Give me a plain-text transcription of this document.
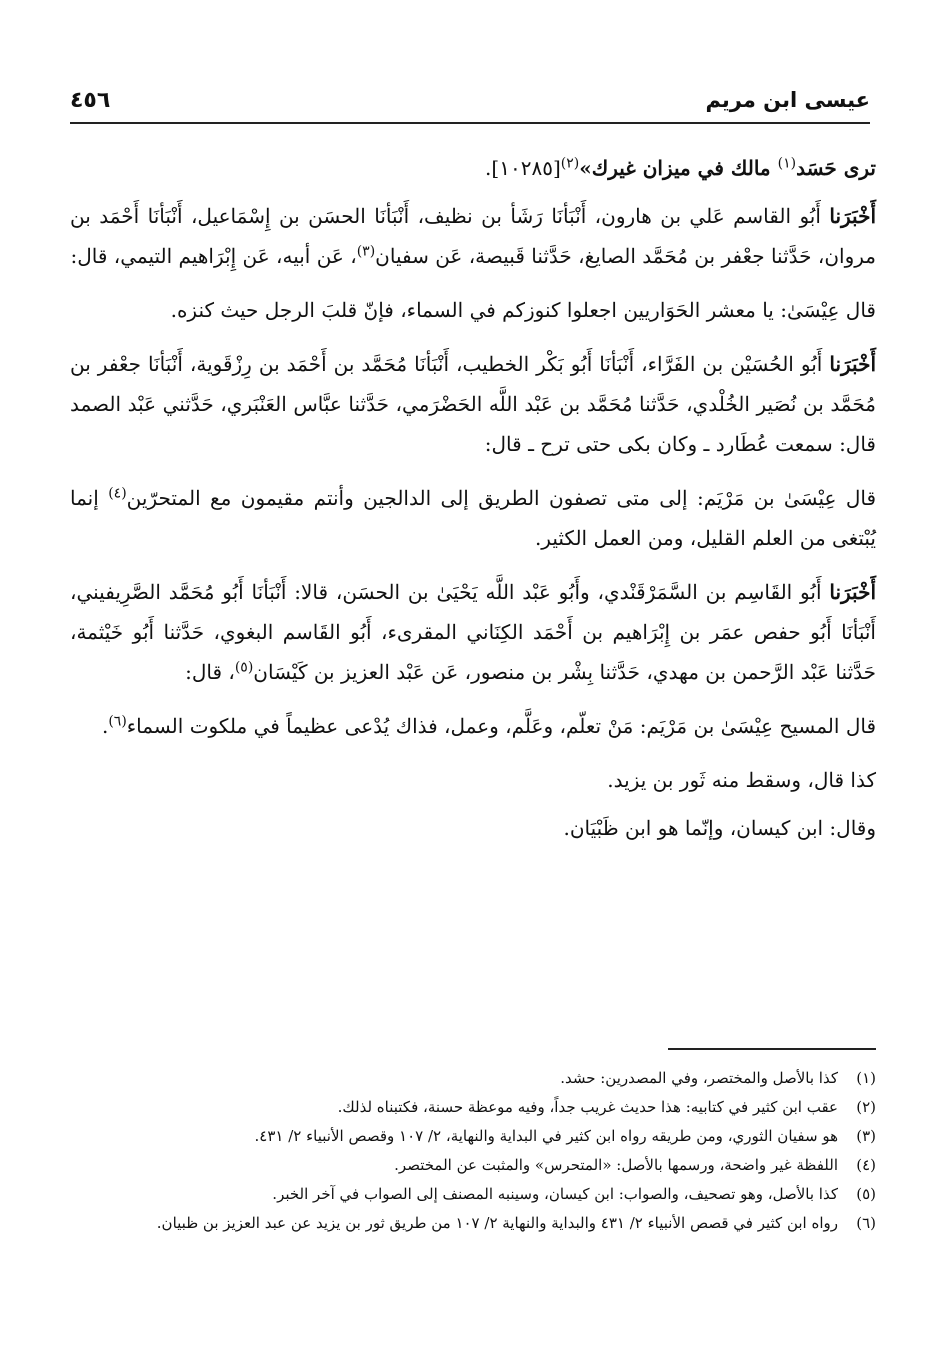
عيسى ابن مريم
٤٥٦

ترى حَسَد$^{(١)}$ مالك في ميزان غيرك»$^{(٢)}$[١٠٢٨٥].

أَخْبَرَنا أَبُو القاسم عَلي بن هارون، أَنْبَأنَا رَشَأ بن نظيف، أَنْبَأنَا الحسَن بن إِسْمَاعيل، أَنْبَأنَا أَحْمَد بن مروان، حَدَّثنا جعْفر بن مُحَمَّد الصايغ، حَدَّثنا قَبيصة، عَن سفيان$^{(٣)}$، عَن أبيه، عَن إِبْرَاهيم التيمي، قال:

قال عِيْسَىٰ: يا معشر الحَوَاريين اجعلوا كنوزكم في السماء، فإنّ قلبَ الرجل حيث كنزه.

أَخْبَرَنا أَبُو الحُسَيْن بن الفَرَّاء، أَنْبَأنَا أَبُو بَكْر الخطيب، أَنْبَأنَا مُحَمَّد بن أَحْمَد بن رِزْقَوية، أَنْبَأنَا جعْفر بن مُحَمَّد بن نُصَير الخُلْدي، حَدَّثنا مُحَمَّد بن عَبْد اللَّه الحَضْرَمي، حَدَّثنا عبَّاس العَنْبَري، حَدَّثني عَبْد الصمد قال: سمعت عُطَارد ـ وكان بكى حتى ترح ـ قال:

قال عِيْسَىٰ بن مَرْيَم: إلى متى تصفون الطريق إلى الدالجين وأنتم مقيمون مع المتحرّين$^{(٤)}$ إنما يُبْتغى من العلم القليل، ومن العمل الكثير.

أَخْبَرَنا أَبُو القَاسِم بن السَّمَرْقَنْدي، وأَبُو عَبْد اللَّه يَحْيَىٰ بن الحسَن، قالا: أَنْبَأنَا أَبُو مُحَمَّد الصَّرِيفيني، أَنْبَأنَا أَبُو حفص عمَر بن إِبْرَاهيم بن أَحْمَد الكِنَاني المقرىء، أَبُو القَاسم البغوي، حَدَّثنا أَبُو خَيْثمة، حَدَّثنا عَبْد الرَّحمن بن مهدي، حَدَّثنا بِشْر بن منصور، عَن عَبْد العزيز بن كَيْسَان$^{(٥)}$، قال:

قال المسيح عِيْسَىٰ بن مَرْيَم: مَنْ تعلّم، وعَلَّم، وعمل، فذاك يُدْعى عظيماً في ملكوت السماء$^{(٦)}$.

كذا قال، وسقط منه ثَور بن يزيد.

وقال: ابن كيسان، وإنّما هو ابن ظَبْيَان.

(١)
كذا بالأصل والمختصر، وفي المصدرين: حشد.
(٢)
عقب ابن كثير في كتابيه: هذا حديث غريب جداً، وفيه موعظة حسنة، فكتبناه لذلك.
(٣)
هو سفيان الثوري، ومن طريقه رواه ابن كثير في البداية والنهاية، ٢/ ١٠٧ وقصص الأنبياء ٢/ ٤٣١.
(٤)
اللفظة غير واضحة، ورسمها بالأصل: «المتحرس» والمثبت عن المختصر.
(٥)
كذا بالأصل، وهو تصحيف، والصواب: ابن كيسان، وسينبه المصنف إلى الصواب في آخر الخبر.
(٦)
رواه ابن كثير في قصص الأنبياء ٢/ ٤٣١ والبداية والنهاية ٢/ ١٠٧ من طريق ثور بن يزيد عن عبد العزيز بن ظبيان.
